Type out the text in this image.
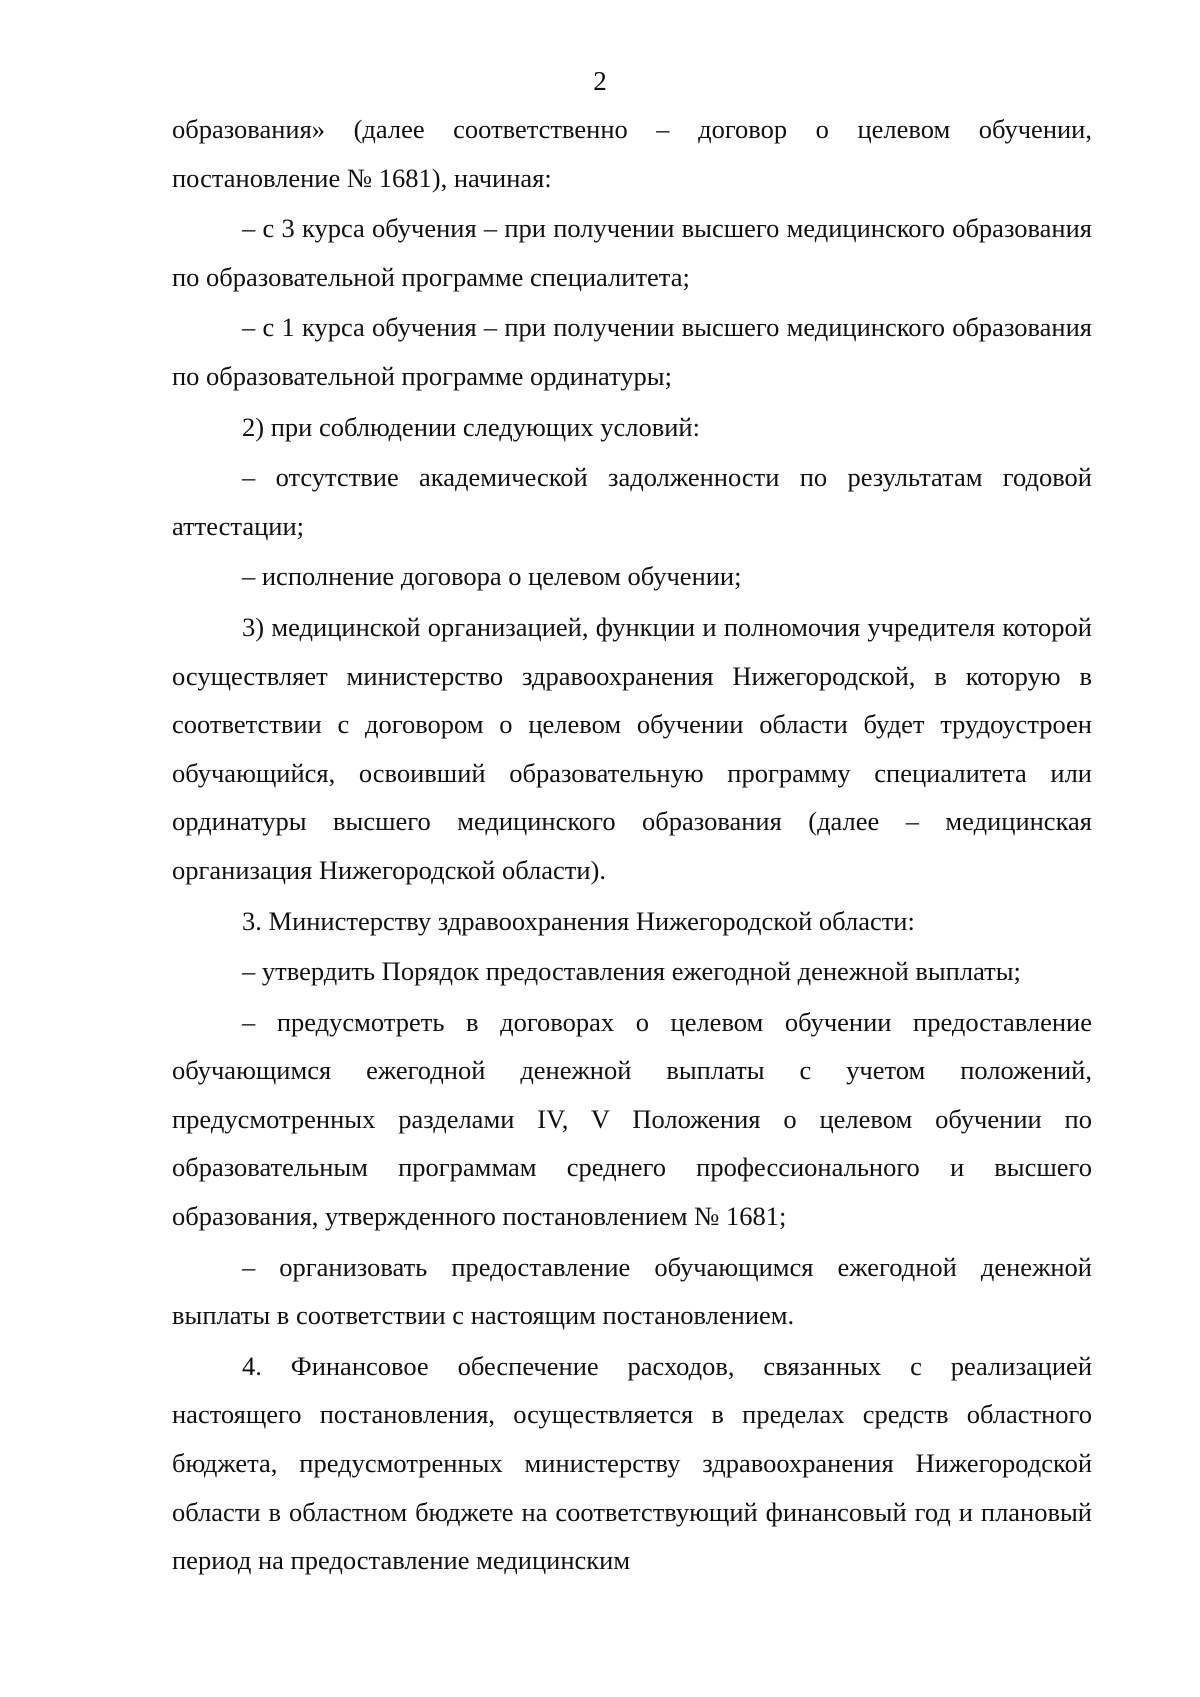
2

образования» (далее соответственно – договор о целевом обучении, постановление № 1681), начиная:

– с 3 курса обучения – при получении высшего медицинского образования по образовательной программе специалитета;

– с 1 курса обучения – при получении высшего медицинского образования по образовательной программе ординатуры;

2) при соблюдении следующих условий:

– отсутствие академической задолженности по результатам годовой аттестации;

– исполнение договора о целевом обучении;

3) медицинской организацией, функции и полномочия учредителя которой осуществляет министерство здравоохранения Нижегородской, в которую в соответствии с договором о целевом обучении области будет трудоустроен обучающийся, освоивший образовательную программу специалитета или ординатуры высшего медицинского образования (далее – медицинская организация Нижегородской области).

3. Министерству здравоохранения Нижегородской области:

– утвердить Порядок предоставления ежегодной денежной выплаты;

– предусмотреть в договорах о целевом обучении предоставление обучающимся ежегодной денежной выплаты с учетом положений, предусмотренных разделами IV, V Положения о целевом обучении по образовательным программам среднего профессионального и высшего образования, утвержденного постановлением № 1681;

– организовать предоставление обучающимся ежегодной денежной выплаты в соответствии с настоящим постановлением.

4. Финансовое обеспечение расходов, связанных с реализацией настоящего постановления, осуществляется в пределах средств областного бюджета, предусмотренных министерству здравоохранения Нижегородской области в областном бюджете на соответствующий финансовый год и плановый период на предоставление медицинским
